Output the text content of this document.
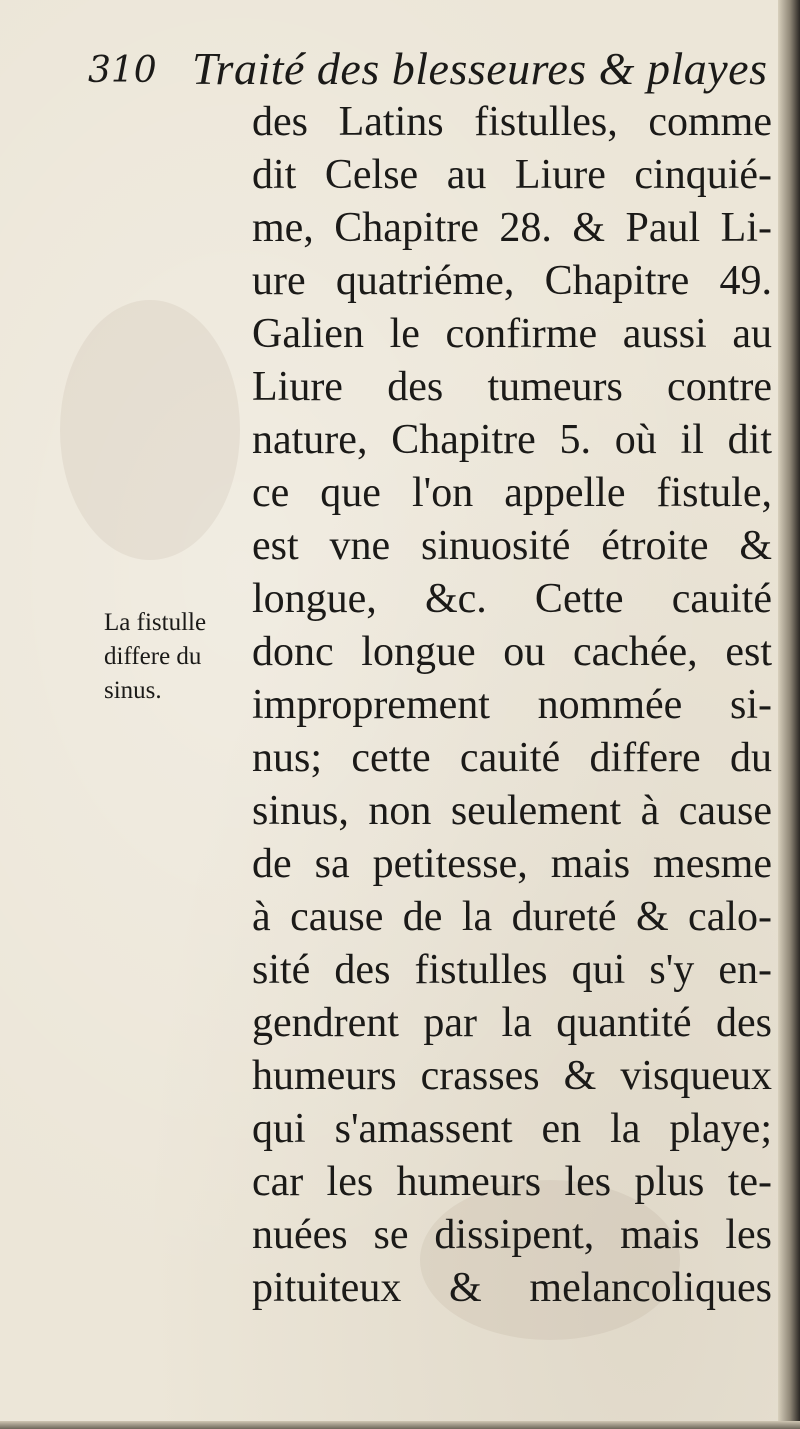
310 Traité des blesseures & playes
des Latins fistulles, comme
dit Celse au Liure cinquié-
me, Chapitre 28. & Paul Li-
ure quatriéme, Chapitre 49.
Galien le confirme aussi au
Liure des tumeurs contre
nature, Chapitre 5. où il dit
ce que l'on appelle fistule,
est vne sinuosité étroite &
longue, &c. Cette cauité
donc longue ou cachée, est
improprement nommée si-
nus; cette cauité differe du
sinus, non seulement à cause
de sa petitesse, mais mesme
à cause de la dureté & calo-
sité des fistulles qui s'y en-
gendrent par la quantité des
humeurs crasses & visqueux
qui s'amassent en la playe;
car les humeurs les plus te-
nuées se dissipent, mais les
pituiteux & melancoliques
La fistulle
differe du
sinus.
